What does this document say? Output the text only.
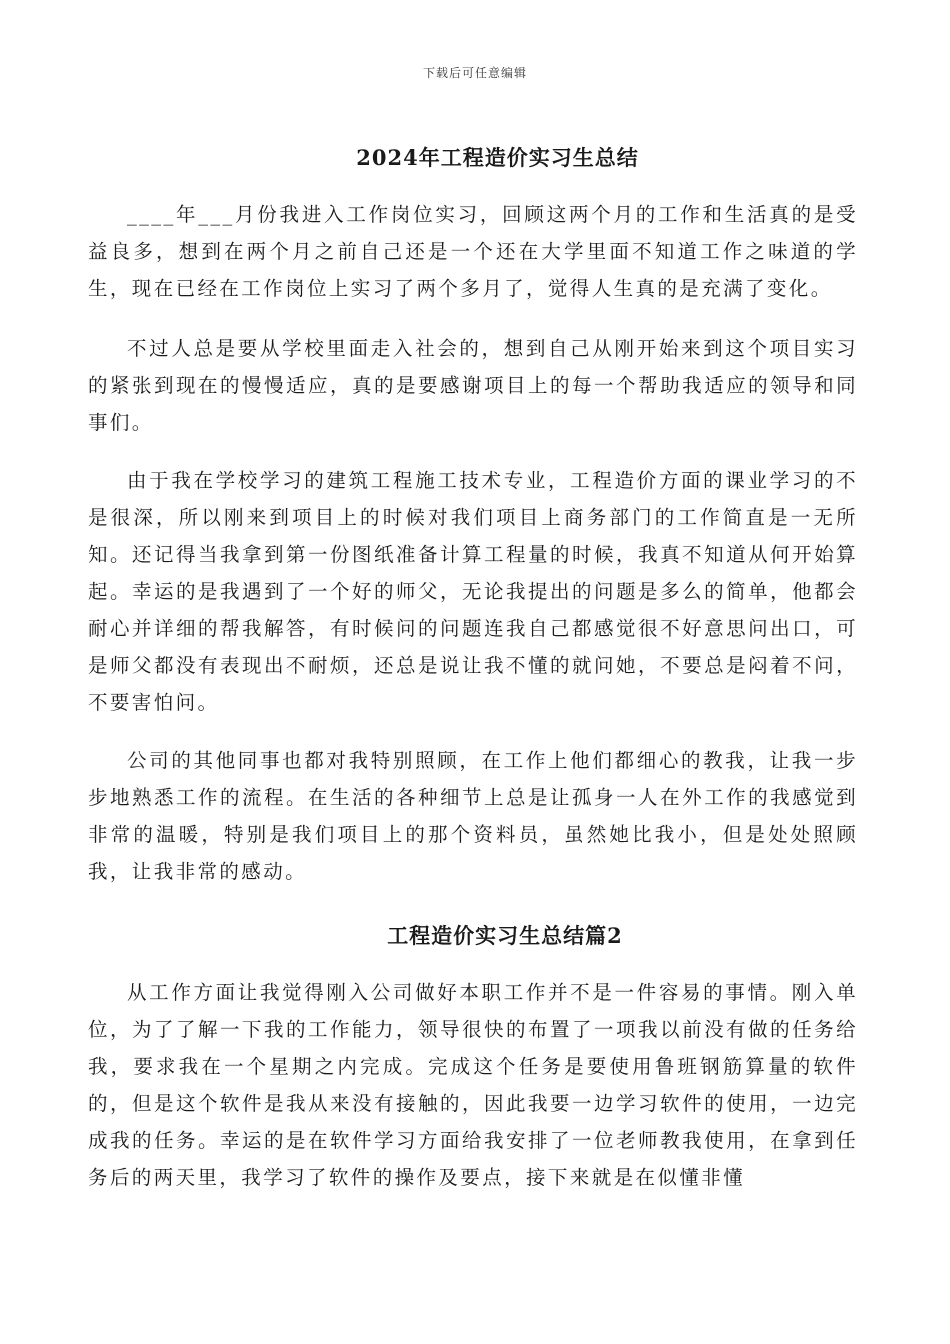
下载后可任意编辑
2024年工程造价实习生总结

____年___月份我进入工作岗位实习，回顾这两个月的工作和生活真的是受益良多，想到在两个月之前自己还是一个还在大学里面不知道工作之味道的学生，现在已经在工作岗位上实习了两个多月了，觉得人生真的是充满了变化。

不过人总是要从学校里面走入社会的，想到自己从刚开始来到这个项目实习的紧张到现在的慢慢适应，真的是要感谢项目上的每一个帮助我适应的领导和同事们。

由于我在学校学习的建筑工程施工技术专业，工程造价方面的课业学习的不是很深，所以刚来到项目上的时候对我们项目上商务部门的工作简直是一无所知。还记得当我拿到第一份图纸准备计算工程量的时候，我真不知道从何开始算起。幸运的是我遇到了一个好的师父，无论我提出的问题是多么的简单，他都会耐心并详细的帮我解答，有时候问的问题连我自己都感觉很不好意思问出口，可是师父都没有表现出不耐烦，还总是说让我不懂的就问她，不要总是闷着不问，不要害怕问。

公司的其他同事也都对我特别照顾，在工作上他们都细心的教我，让我一步步地熟悉工作的流程。在生活的各种细节上总是让孤身一人在外工作的我感觉到非常的温暖，特别是我们项目上的那个资料员，虽然她比我小，但是处处照顾我，让我非常的感动。

工程造价实习生总结篇2

从工作方面让我觉得刚入公司做好本职工作并不是一件容易的事情。刚入单位，为了了解一下我的工作能力，领导很快的布置了一项我以前没有做的任务给我，要求我在一个星期之内完成。完成这个任务是要使用鲁班钢筋算量的软件的，但是这个软件是我从来没有接触的，因此我要一边学习软件的使用，一边完成我的任务。幸运的是在软件学习方面给我安排了一位老师教我使用，在拿到任务后的两天里，我学习了软件的操作及要点，接下来就是在似懂非懂
